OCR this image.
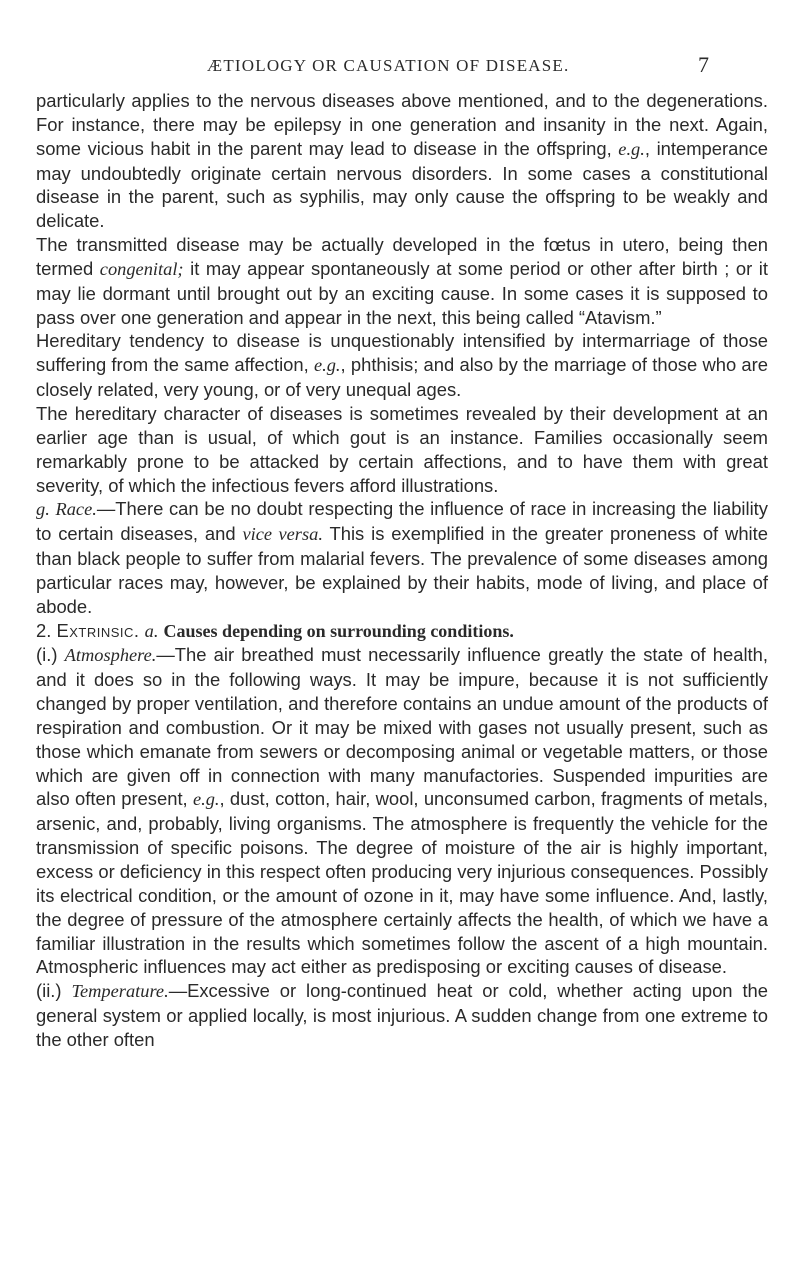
ÆTIOLOGY OR CAUSATION OF DISEASE.	7

particularly applies to the nervous diseases above mentioned, and to the degenerations. For instance, there may be epilepsy in one generation and insanity in the next. Again, some vicious habit in the parent may lead to disease in the offspring, e.g., intemperance may undoubtedly originate certain nervous disorders. In some cases a constitutional disease in the parent, such as syphilis, may only cause the offspring to be weakly and delicate.

The transmitted disease may be actually developed in the fœtus in utero, being then termed congenital; it may appear spontaneously at some period or other after birth ; or it may lie dormant until brought out by an exciting cause. In some cases it is supposed to pass over one generation and appear in the next, this being called “Atavism.”

Hereditary tendency to disease is unquestionably intensified by intermarriage of those suffering from the same affection, e.g., phthisis; and also by the marriage of those who are closely related, very young, or of very unequal ages.

The hereditary character of diseases is sometimes revealed by their development at an earlier age than is usual, of which gout is an instance. Families occasionally seem remarkably prone to be attacked by certain affections, and to have them with great severity, of which the infectious fevers afford illustrations.

g. Race.—There can be no doubt respecting the influence of race in increasing the liability to certain diseases, and vice versa. This is exemplified in the greater proneness of white than black people to suffer from malarial fevers. The prevalence of some diseases among particular races may, however, be explained by their habits, mode of living, and place of abode.

2. Extrinsic. a. Causes depending on surrounding conditions.

(i.) Atmosphere.—The air breathed must necessarily influence greatly the state of health, and it does so in the following ways. It may be impure, because it is not sufficiently changed by proper ventilation, and therefore contains an undue amount of the products of respiration and combustion. Or it may be mixed with gases not usually present, such as those which emanate from sewers or decomposing animal or vegetable matters, or those which are given off in connection with many manufactories. Suspended impurities are also often present, e.g., dust, cotton, hair, wool, unconsumed carbon, fragments of metals, arsenic, and, probably, living organisms. The atmosphere is frequently the vehicle for the transmission of specific poisons. The degree of moisture of the air is highly important, excess or deficiency in this respect often producing very injurious consequences. Possibly its electrical condition, or the amount of ozone in it, may have some influence. And, lastly, the degree of pressure of the atmosphere certainly affects the health, of which we have a familiar illustration in the results which sometimes follow the ascent of a high mountain. Atmospheric influences may act either as predisposing or exciting causes of disease.

(ii.) Temperature.—Excessive or long-continued heat or cold, whether acting upon the general system or applied locally, is most injurious. A sudden change from one extreme to the other often
